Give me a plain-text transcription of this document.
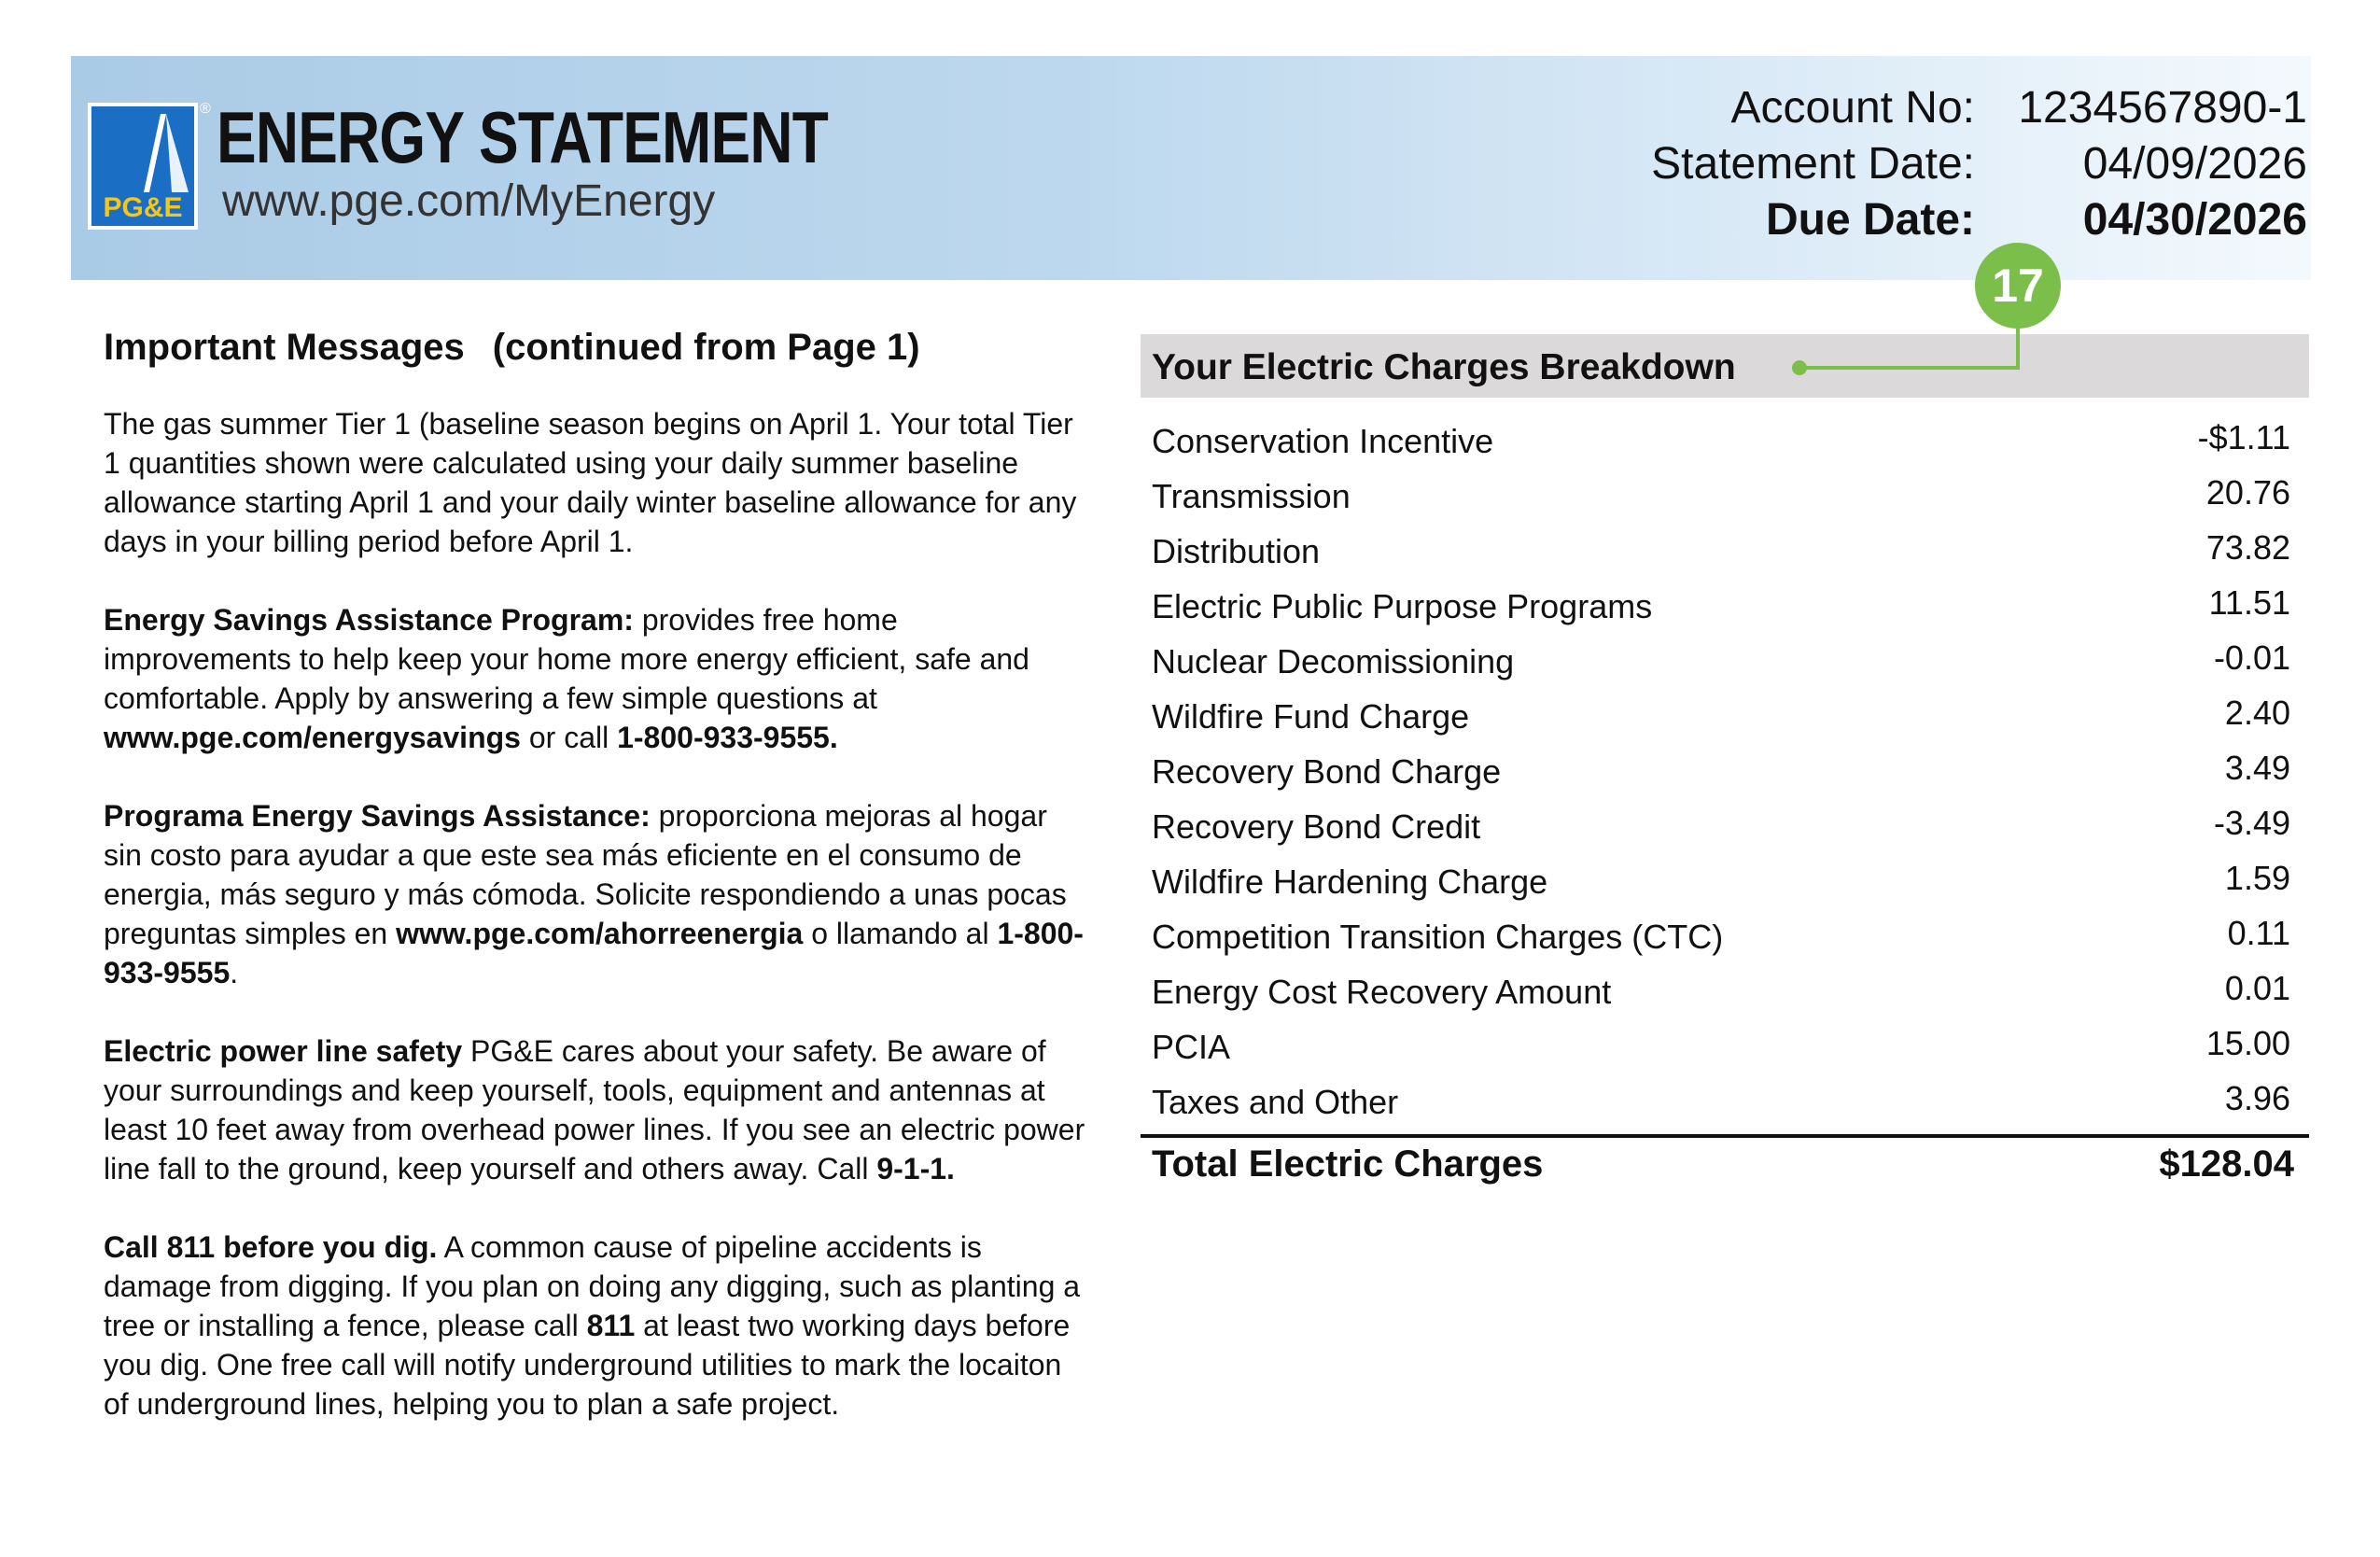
PG&E
® ENERGY STATEMENT
www.pge.com/MyEnergy
Account No: 1234567890-1
Statement Date: 04/09/2026
Due Date: 04/30/2026
Important Messages (continued from Page 1)

The gas summer Tier 1 (baseline season begins on April 1. Your total Tier 1 quantities shown were calculated using your daily summer baseline allowance starting April 1 and your daily winter baseline allowance for any days in your billing period before April 1.

Energy Savings Assistance Program: provides free home improvements to help keep your home more energy efficient, safe and comfortable. Apply by answering a few simple questions at www.pge.com/energysavings or call 1-800-933-9555.

Programa Energy Savings Assistance: proporciona mejoras al hogar sin costo para ayudar a que este sea más eficiente en el consumo de energia, más seguro y más cómoda. Solicite respondiendo a unas pocas preguntas simples en www.pge.com/ahorreenergia o llamando al 1-800-933-9555.

Electric power line safety PG&E cares about your safety. Be aware of your surroundings and keep yourself, tools, equipment and antennas at least 10 feet away from overhead power lines. If you see an electric power line fall to the ground, keep yourself and others away. Call 9-1-1.

Call 811 before you dig. A common cause of pipeline accidents is damage from digging. If you plan on doing any digging, such as planting a tree or installing a fence, please call 811 at least two working days before you dig. One free call will notify underground utilities to mark the locaiton of underground lines, helping you to plan a safe project.

Your Electric Charges Breakdown
17
Conservation Incentive	-$1.11
Transmission	20.76
Distribution	73.82
Electric Public Purpose Programs	11.51
Nuclear Decomissioning	-0.01
Wildfire Fund Charge	2.40
Recovery Bond Charge	3.49
Recovery Bond Credit	-3.49
Wildfire Hardening Charge	1.59
Competition Transition Charges (CTC)	0.11
Energy Cost Recovery Amount	0.01
PCIA	15.00
Taxes and Other	3.96
Total Electric Charges	$128.04
